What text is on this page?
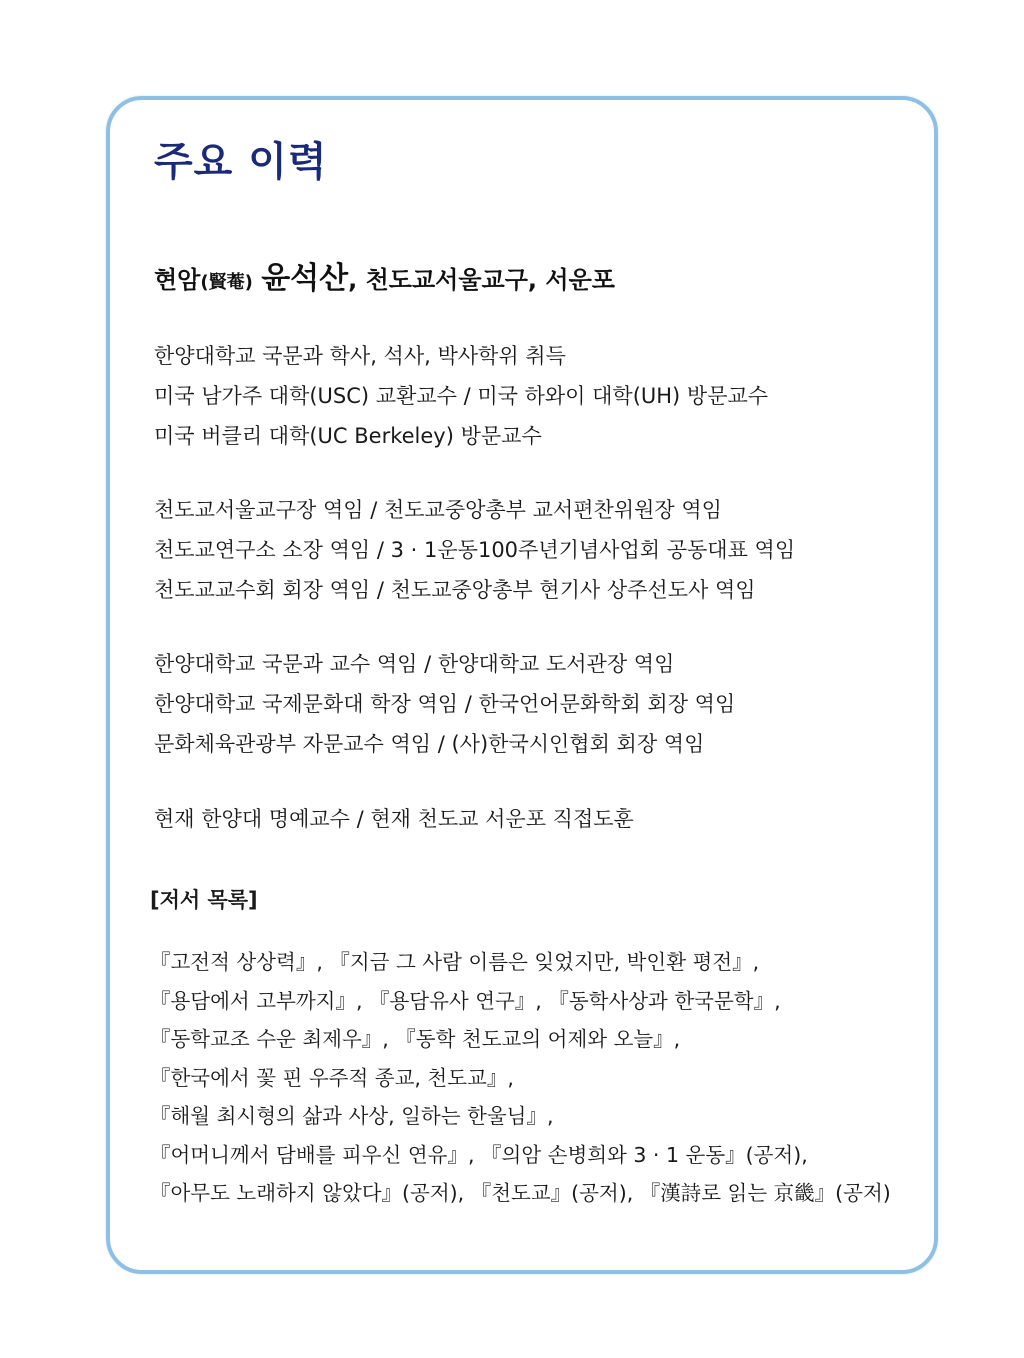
주요 이력

현암(賢菴) 윤석산, 천도교서울교구, 서운포

한양대학교 국문과 학사, 석사, 박사학위 취득
미국 남가주 대학(USC) 교환교수 / 미국 하와이 대학(UH) 방문교수
미국 버클리 대학(UC Berkeley) 방문교수
천도교서울교구장 역임 / 천도교중앙총부 교서편찬위원장 역임
천도교연구소 소장 역임 / 3 · 1운동100주년기념사업회 공동대표 역임
천도교교수회 회장 역임 / 천도교중앙총부 현기사 상주선도사 역임
한양대학교 국문과 교수 역임 / 한양대학교 도서관장 역임
한양대학교 국제문화대 학장 역임 / 한국언어문화학회 회장 역임
문화체육관광부 자문교수 역임 / (사)한국시인협회 회장 역임
현재 한양대 명예교수 / 현재 천도교 서운포 직접도훈
[저서 목록]
『고전적 상상력』, 『지금 그 사람 이름은 잊었지만, 박인환 평전』,
『용담에서 고부까지』, 『용담유사 연구』, 『동학사상과 한국문학』,
『동학교조 수운 최제우』, 『동학 천도교의 어제와 오늘』,
『한국에서 꽃 핀 우주적 종교, 천도교』,
『해월 최시형의 삶과 사상, 일하는 한울님』,
『어머니께서 담배를 피우신 연유』, 『의암 손병희와 3 · 1 운동』(공저),
『아무도 노래하지 않았다』(공저), 『천도교』(공저), 『漢詩로 읽는 京畿』(공저)
